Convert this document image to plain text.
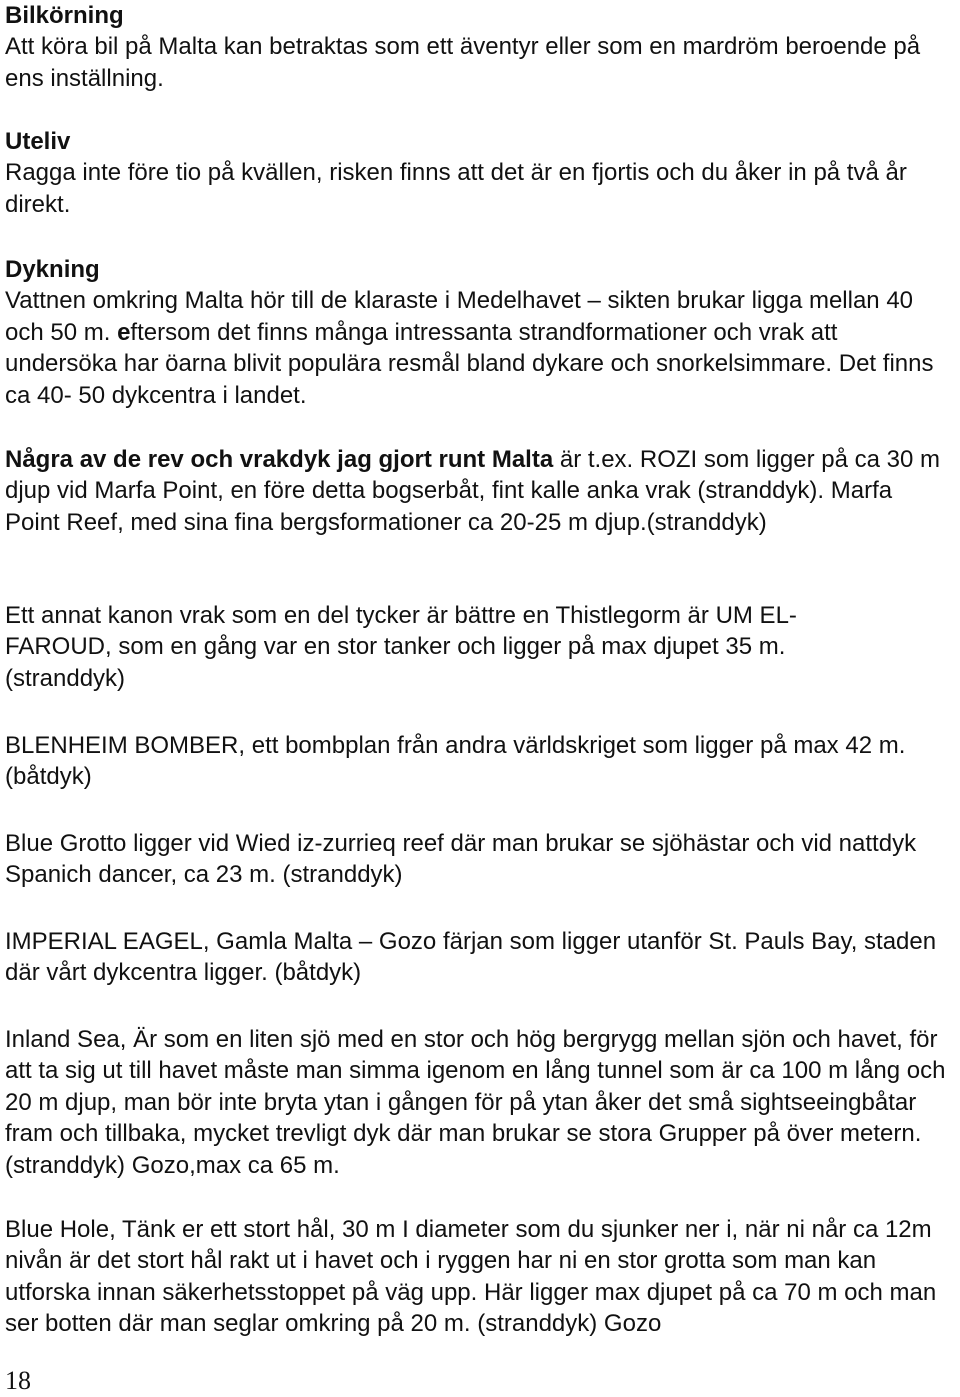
Bilkörning
Att köra bil på Malta kan betraktas som ett äventyr eller som en mardröm beroende på ens inställning.
Uteliv
Ragga inte före tio på kvällen, risken finns att det är en fjortis och du åker in på två år direkt.
Dykning
Vattnen omkring Malta hör till de klaraste i Medelhavet – sikten brukar ligga mellan 40 och 50 m. eftersom det finns många intressanta strandformationer och vrak att undersöka har öarna blivit populära resmål bland dykare och snorkelsimmare. Det finns ca 40- 50 dykcentra i landet.
Några av de rev och vrakdyk jag gjort runt Malta är t.ex. ROZI som ligger på ca 30 m djup vid Marfa Point, en före detta bogserbåt, fint kalle anka vrak (stranddyk). Marfa Point Reef, med sina fina bergsformationer ca 20-25 m djup.(stranddyk)
Ett annat kanon vrak som en del tycker är bättre en Thistlegorm är UM EL-FAROUD, som en gång var en stor tanker och ligger på max djupet 35 m. (stranddyk)
BLENHEIM BOMBER, ett bombplan från andra världskriget som ligger på max 42 m. (båtdyk)
Blue Grotto ligger vid Wied iz-zurrieq reef där man brukar se sjöhästar och vid nattdyk Spanich dancer, ca 23 m. (stranddyk)
IMPERIAL EAGEL, Gamla Malta – Gozo färjan som ligger utanför St. Pauls Bay, staden där vårt dykcentra ligger. (båtdyk)
Inland Sea, Är som en liten sjö med en stor och hög bergrygg mellan sjön och havet, för att ta sig ut till havet måste man simma igenom en lång tunnel som är ca 100 m lång och 20 m djup, man bör inte bryta ytan i gången för på ytan åker det små sightseeingbåtar fram och tillbaka, mycket trevligt dyk där man brukar se stora Grupper på över metern. (stranddyk) Gozo,max ca 65 m.
Blue Hole, Tänk er ett stort hål, 30 m I diameter som du sjunker ner i, när ni når ca 12m nivån är det stort hål rakt ut i havet och i ryggen har ni en stor grotta som man kan utforska innan säkerhetsstoppet på väg upp. Här ligger max djupet på ca 70 m och man ser botten där man seglar omkring på 20 m. (stranddyk) Gozo
18
